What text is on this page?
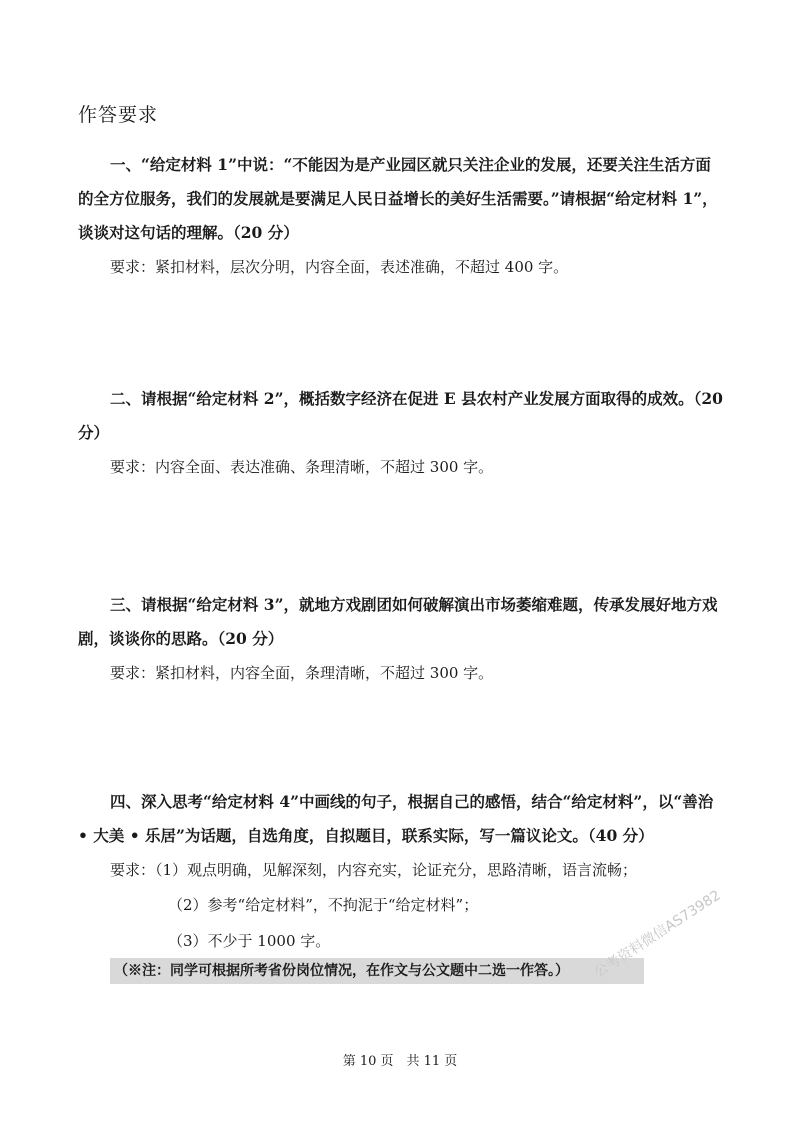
作答要求

一、“给定材料 1”中说：“不能因为是产业园区就只关注企业的发展，还要关注生活方面的全方位服务，我们的发展就是要满足人民日益增长的美好生活需要。”请根据“给定材料 1”，谈谈对这句话的理解。（20 分）

要求：紧扣材料，层次分明，内容全面，表述准确，不超过 400 字。

二、请根据“给定材料 2”，概括数字经济在促进 E 县农村产业发展方面取得的成效。（20 分）

要求：内容全面、表达准确、条理清晰，不超过 300 字。

三、请根据“给定材料 3”，就地方戏剧团如何破解演出市场萎缩难题，传承发展好地方戏剧，谈谈你的思路。（20 分）

要求：紧扣材料，内容全面，条理清晰，不超过 300 字。

四、深入思考“给定材料 4”中画线的句子，根据自己的感悟，结合“给定材料”，以“善治 • 大美 • 乐居”为话题，自选角度，自拟题目，联系实际，写一篇议论文。（40 分）

要求：（1）观点明确，见解深刻，内容充实，论证充分，思路清晰，语言流畅；

（2）参考“给定材料”，不拘泥于“给定材料”；

（3）不少于 1000 字。

（※注：同学可根据所考省份岗位情况，在作文与公文题中二选一作答。）	公考资料微信AS73982
第 10 页　共 11 页
